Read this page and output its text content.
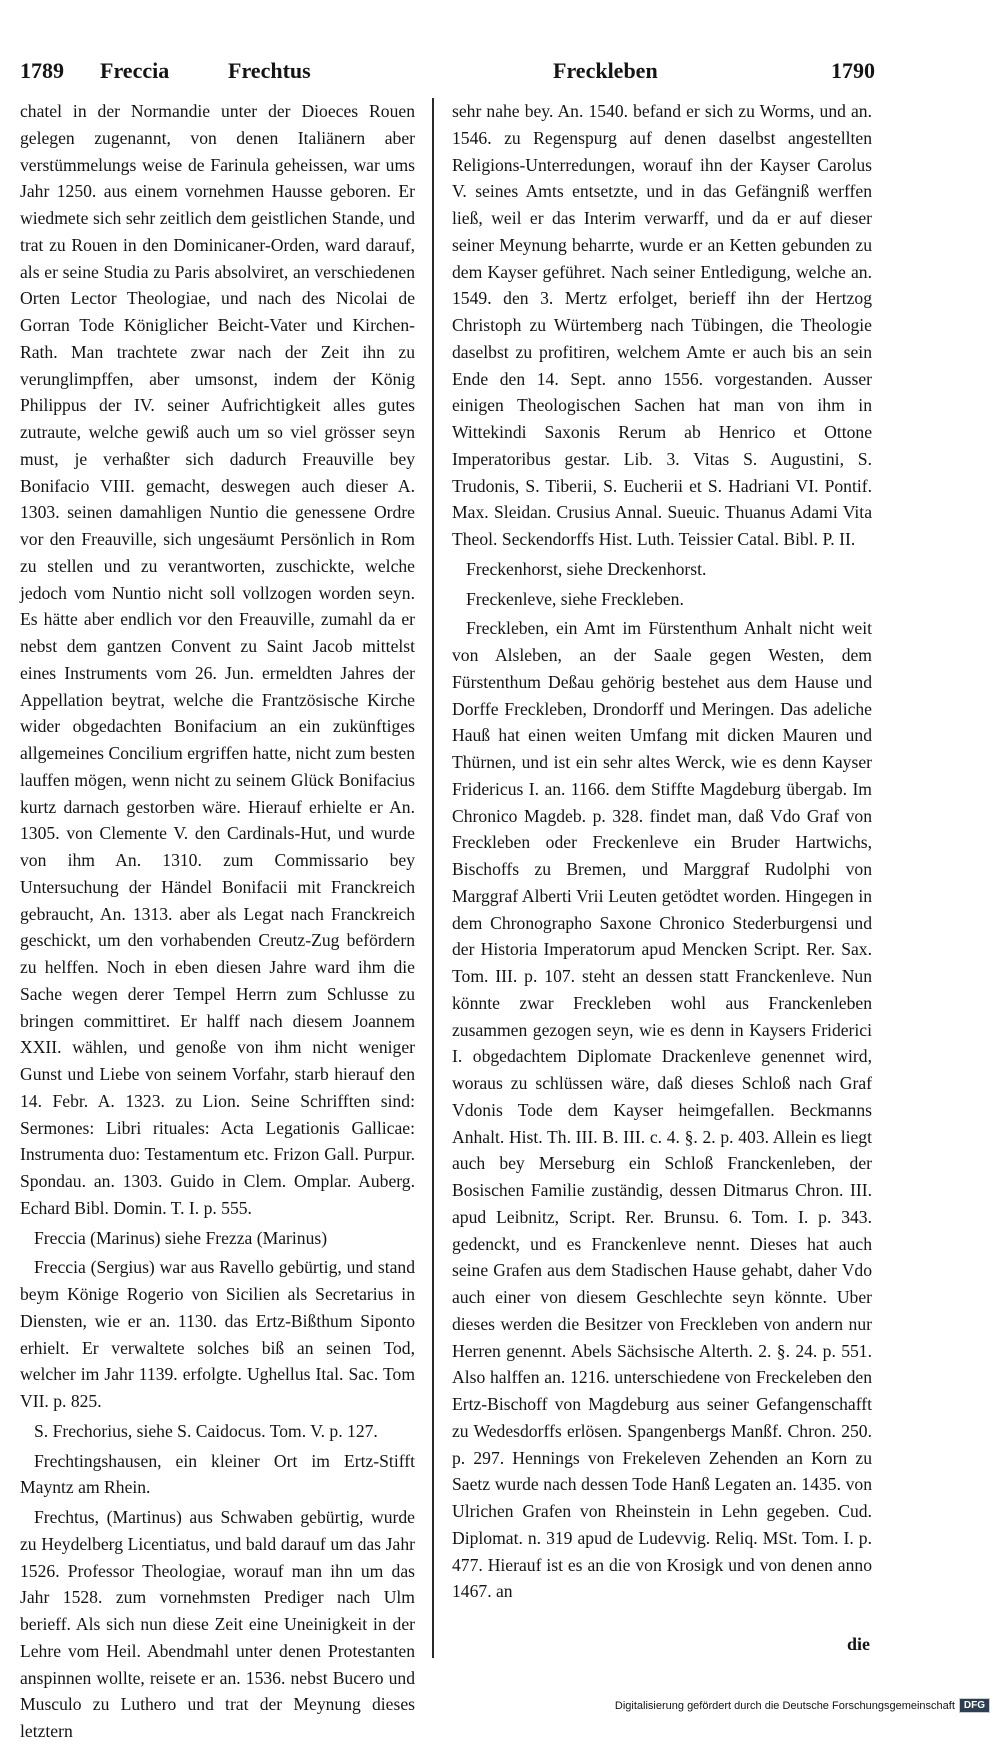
1789 Freccia	Frechtus	Freckleben	1790

chatel in der Normandie unter der Dioeces Rouen gelegen zugenannt, von denen Italiänern aber verstümmelungs weise de Farinula geheissen, war ums Jahr 1250. aus einem vornehmen Hausse geboren. Er wiedmete sich sehr zeitlich dem geistlichen Stande, und trat zu Rouen in den Dominicaner-Orden, ward darauf, als er seine Studia zu Paris absolviret, an verschiedenen Orten Lector Theologiae, und nach des Nicolai de Gorran Tode Königlicher Beicht-Vater und Kirchen-Rath. Man trachtete zwar nach der Zeit ihn zu verunglimpffen, aber umsonst, indem der König Philippus der IV. seiner Aufrichtigkeit alles gutes zutraute, welche gewiß auch um so viel grösser seyn must, je verhaßter sich dadurch Freauville bey Bonifacio VIII. gemacht, deswegen auch dieser A. 1303. seinen damahligen Nuntio die genessene Ordre vor den Freauville, sich ungesäumt Persönlich in Rom zu stellen und zu verantworten, zuschickte, welche jedoch vom Nuntio nicht soll vollzogen worden seyn. Es hätte aber endlich vor den Freauville, zumahl da er nebst dem gantzen Convent zu Saint Jacob mittelst eines Instruments vom 26. Jun. ermeldten Jahres der Appellation beytrat, welche die Frantzösische Kirche wider obgedachten Bonifacium an ein zukünftiges allgemeines Concilium ergriffen hatte, nicht zum besten lauffen mögen, wenn nicht zu seinem Glück Bonifacius kurtz darnach gestorben wäre. Hierauf erhielte er An. 1305. von Clemente V. den Cardinals-Hut, und wurde von ihm An. 1310. zum Commissario bey Untersuchung der Händel Bonifacii mit Franckreich gebraucht, An. 1313. aber als Legat nach Franckreich geschickt, um den vorhabenden Creutz-Zug befördern zu helffen. Noch in eben diesen Jahre ward ihm die Sache wegen derer Tempel Herrn zum Schlusse zu bringen committiret. Er halff nach diesem Joannem XXII. wählen, und genoße von ihm nicht weniger Gunst und Liebe von seinem Vorfahr, starb hierauf den 14. Febr. A. 1323. zu Lion. Seine Schrifften sind: Sermones: Libri rituales: Acta Legationis Gallicae: Instrumenta duo: Testamentum etc. Frizon Gall. Purpur. Spondau. an. 1303. Guido in Clem. Omplar. Auberg. Echard Bibl. Domin. T. I. p. 555.

Freccia (Marinus) siehe Frezza (Marinus)

Freccia (Sergius) war aus Ravello gebürtig, und stand beym Könige Rogerio von Sicilien als Secretarius in Diensten, wie er an. 1130. das Ertz-Bißthum Siponto erhielt. Er verwaltete solches biß an seinen Tod, welcher im Jahr 1139. erfolgte. Ughellus Ital. Sac. Tom VII. p. 825.

S. Frechorius, siehe S. Caidocus. Tom. V. p. 127.

Frechtingshausen, ein kleiner Ort im Ertz-Stifft Mayntz am Rhein.

Frechtus, (Martinus) aus Schwaben gebürtig, wurde zu Heydelberg Licentiatus, und bald darauf um das Jahr 1526. Professor Theologiae, worauf man ihn um das Jahr 1528. zum vornehmsten Prediger nach Ulm berieff. Als sich nun diese Zeit eine Uneinigkeit in der Lehre vom Heil. Abendmahl unter denen Protestanten anspinnen wollte, reisete er an. 1536. nebst Bucero und Musculo zu Luthero und trat der Meynung dieses letztern

sehr nahe bey. An. 1540. befand er sich zu Worms, und an. 1546. zu Regenspurg auf denen daselbst angestellten Religions-Unterredungen, worauf ihn der Kayser Carolus V. seines Amts entsetzte, und in das Gefängniß werffen ließ, weil er das Interim verwarff, und da er auf dieser seiner Meynung beharrte, wurde er an Ketten gebunden zu dem Kayser geführet. Nach seiner Entledigung, welche an. 1549. den 3. Mertz erfolget, berieff ihn der Hertzog Christoph zu Würtemberg nach Tübingen, die Theologie daselbst zu profitiren, welchem Amte er auch bis an sein Ende den 14. Sept. anno 1556. vorgestanden. Ausser einigen Theologischen Sachen hat man von ihm in Wittekindi Saxonis Rerum ab Henrico et Ottone Imperatoribus gestar. Lib. 3. Vitas S. Augustini, S. Trudonis, S. Tiberii, S. Eucherii et S. Hadriani VI. Pontif. Max. Sleidan. Crusius Annal. Sueuic. Thuanus Adami Vita Theol. Seckendorffs Hist. Luth. Teissier Catal. Bibl. P. II.

Freckenhorst, siehe Dreckenhorst.

Freckenleve, siehe Freckleben.

Freckleben, ein Amt im Fürstenthum Anhalt nicht weit von Alsleben, an der Saale gegen Westen, dem Fürstenthum Deßau gehörig bestehet aus dem Hause und Dorffe Freckleben, Drondorff und Meringen. Das adeliche Hauß hat einen weiten Umfang mit dicken Mauren und Thürnen, und ist ein sehr altes Werck, wie es denn Kayser Fridericus I. an. 1166. dem Stiffte Magdeburg übergab. Im Chronico Magdeb. p. 328. findet man, daß Vdo Graf von Freckleben oder Freckenleve ein Bruder Hartwichs, Bischoffs zu Bremen, und Marggraf Rudolphi von Marggraf Alberti Vrii Leuten getödtet worden. Hingegen in dem Chronographo Saxone Chronico Stederburgensi und der Historia Imperatorum apud Mencken Script. Rer. Sax. Tom. III. p. 107. steht an dessen statt Franckenleve. Nun könnte zwar Freckleben wohl aus Franckenleben zusammen gezogen seyn, wie es denn in Kaysers Friderici I. obgedachtem Diplomate Drackenleve genennet wird, woraus zu schlüssen wäre, daß dieses Schloß nach Graf Vdonis Tode dem Kayser heimgefallen. Beckmanns Anhalt. Hist. Th. III. B. III. c. 4. §. 2. p. 403. Allein es liegt auch bey Merseburg ein Schloß Franckenleben, der Bosischen Familie zuständig, dessen Ditmarus Chron. III. apud Leibnitz, Script. Rer. Brunsu. 6. Tom. I. p. 343. gedenckt, und es Franckenleve nennt. Dieses hat auch seine Grafen aus dem Stadischen Hause gehabt, daher Vdo auch einer von diesem Geschlechte seyn könnte. Uber dieses werden die Besitzer von Freckleben von andern nur Herren genennt. Abels Sächsische Alterth. 2. §. 24. p. 551. Also halffen an. 1216. unterschiedene von Freckeleben den Ertz-Bischoff von Magdeburg aus seiner Gefangenschafft zu Wedesdorffs erlösen. Spangenbergs Manßf. Chron. 250. p. 297. Hennings von Frekeleven Zehenden an Korn zu Saetz wurde nach dessen Tode Hanß Legaten an. 1435. von Ulrichen Grafen von Rheinstein in Lehn gegeben. Cud. Diplomat. n. 319 apud de Ludevvig. Reliq. MSt. Tom. I. p. 477. Hierauf ist es an die von Krosigk und von denen anno 1467. an

die
Digitalisierung gefördert durch die Deutsche Forschungsgemeinschaft DFG
